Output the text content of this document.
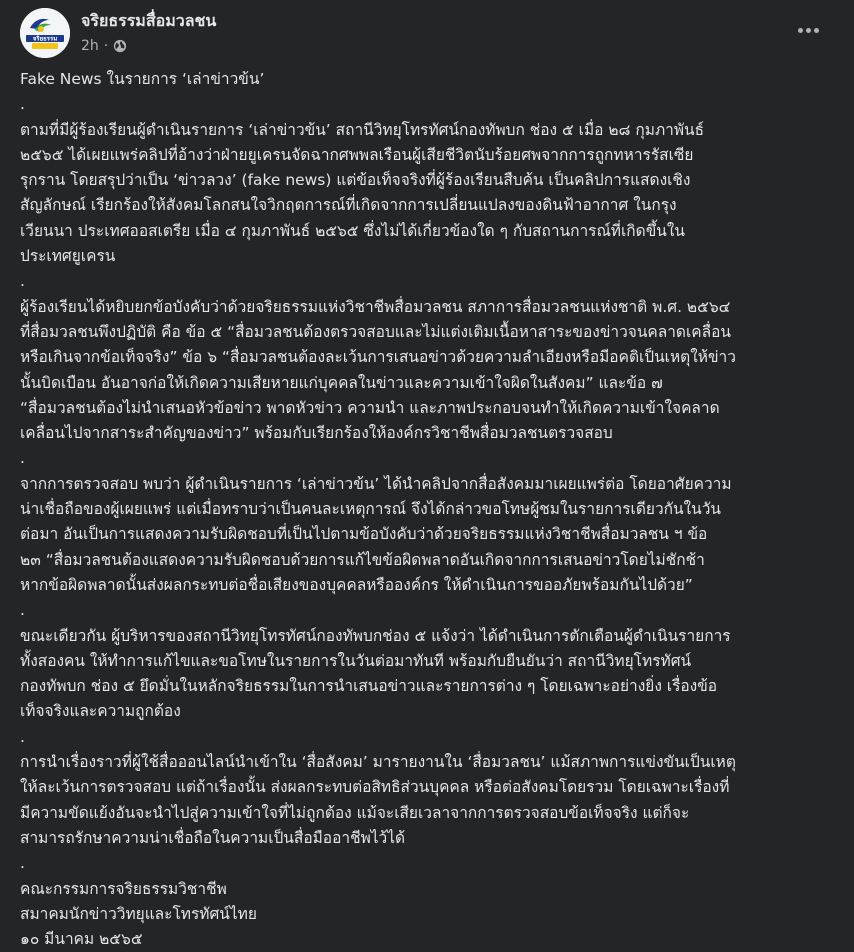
จริยธรรม
จริยธรรมสื่อมวลชน
2h ·

Fake News ในรายการ ‘เล่าข่าวข้น’

.

ตามที่มีผู้ร้องเรียนผู้ดำเนินรายการ ‘เล่าข่าวข้น’ สถานีวิทยุโทรทัศน์กองทัพบก ช่อง ๕ เมื่อ ๒๘ กุมภาพันธ์

๒๕๖๕ ได้เผยแพร่คลิปที่อ้างว่าฝ่ายยูเครนจัดฉากศพพลเรือนผู้เสียชีวิตนับร้อยศพจากการถูกทหารรัสเซีย

รุกราน โดยสรุปว่าเป็น ‘ข่าวลวง’ (fake news) แต่ข้อเท็จจริงที่ผู้ร้องเรียนสืบค้น เป็นคลิปการแสดงเชิง

สัญลักษณ์ เรียกร้องให้สังคมโลกสนใจวิกฤตการณ์ที่เกิดจากการเปลี่ยนแปลงของดินฟ้าอากาศ ในกรุง

เวียนนา ประเทศออสเตรีย เมื่อ ๔ กุมภาพันธ์ ๒๕๖๕ ซึ่งไม่ได้เกี่ยวข้องใด ๆ กับสถานการณ์ที่เกิดขึ้นใน

ประเทศยูเครน

.

ผู้ร้องเรียนได้หยิบยกข้อบังคับว่าด้วยจริยธรรมแห่งวิชาชีพสื่อมวลชน สภาการสื่อมวลชนแห่งชาติ พ.ศ. ๒๕๖๔

ที่สื่อมวลชนพึงปฏิบัติ คือ ข้อ ๕ “สื่อมวลชนต้องตรวจสอบและไม่แต่งเติมเนื้อหาสาระของข่าวจนคลาดเคลื่อน

หรือเกินจากข้อเท็จจริง” ข้อ ๖ “สื่อมวลชนต้องละเว้นการเสนอข่าวด้วยความลำเอียงหรือมีอคติเป็นเหตุให้ข่าว

นั้นบิดเบือน อันอาจก่อให้เกิดความเสียหายแก่บุคคลในข่าวและความเข้าใจผิดในสังคม” และข้อ ๗

“สื่อมวลชนต้องไม่นำเสนอหัวข้อข่าว พาดหัวข่าว ความนำ และภาพประกอบจนทำให้เกิดความเข้าใจคลาด

เคลื่อนไปจากสาระสำคัญของข่าว” พร้อมกับเรียกร้องให้องค์กรวิชาชีพสื่อมวลชนตรวจสอบ

.

จากการตรวจสอบ พบว่า ผู้ดำเนินรายการ ‘เล่าข่าวข้น’ ได้นำคลิปจากสื่อสังคมมาเผยแพร่ต่อ โดยอาศัยความ

น่าเชื่อถือของผู้เผยแพร่ แต่เมื่อทราบว่าเป็นคนละเหตุการณ์ จึงได้กล่าวขอโทษผู้ชมในรายการเดียวกันในวัน

ต่อมา อันเป็นการแสดงความรับผิดชอบที่เป็นไปตามข้อบังคับว่าด้วยจริยธรรมแห่งวิชาชีพสื่อมวลชน ฯ ข้อ

๒๓ “สื่อมวลชนต้องแสดงความรับผิดชอบด้วยการแก้ไขข้อผิดพลาดอันเกิดจากการเสนอข่าวโดยไม่ชักช้า

หากข้อผิดพลาดนั้นส่งผลกระทบต่อชื่อเสียงของบุคคลหรือองค์กร ให้ดำเนินการขออภัยพร้อมกันไปด้วย”

.

ขณะเดียวกัน ผู้บริหารของสถานีวิทยุโทรทัศน์กองทัพบกช่อง ๕ แจ้งว่า ได้ดำเนินการตักเตือนผู้ดำเนินรายการ

ทั้งสองคน ให้ทำการแก้ไขและขอโทษในรายการในวันต่อมาทันที พร้อมกับยืนยันว่า สถานีวิทยุโทรทัศน์

กองทัพบก ช่อง ๕ ยึดมั่นในหลักจริยธรรมในการนำเสนอข่าวและรายการต่าง ๆ โดยเฉพาะอย่างยิ่ง เรื่องข้อ

เท็จจริงและความถูกต้อง

.

การนำเรื่องราวที่ผู้ใช้สื่อออนไลน์นำเข้าใน ‘สื่อสังคม’ มารายงานใน ‘สื่อมวลชน’ แม้สภาพการแข่งขันเป็นเหตุ

ให้ละเว้นการตรวจสอบ แต่ถ้าเรื่องนั้น ส่งผลกระทบต่อสิทธิส่วนบุคคล หรือต่อสังคมโดยรวม โดยเฉพาะเรื่องที่

มีความขัดแย้งอันจะนำไปสู่ความเข้าใจที่ไม่ถูกต้อง แม้จะเสียเวลาจากการตรวจสอบข้อเท็จจริง แต่ก็จะ

สามารถรักษาความน่าเชื่อถือในความเป็นสื่อมืออาชีพไว้ได้

.

คณะกรรมการจริยธรรมวิชาชีพ

สมาคมนักข่าววิทยุและโทรทัศน์ไทย

๑๐ มีนาคม ๒๕๖๕
